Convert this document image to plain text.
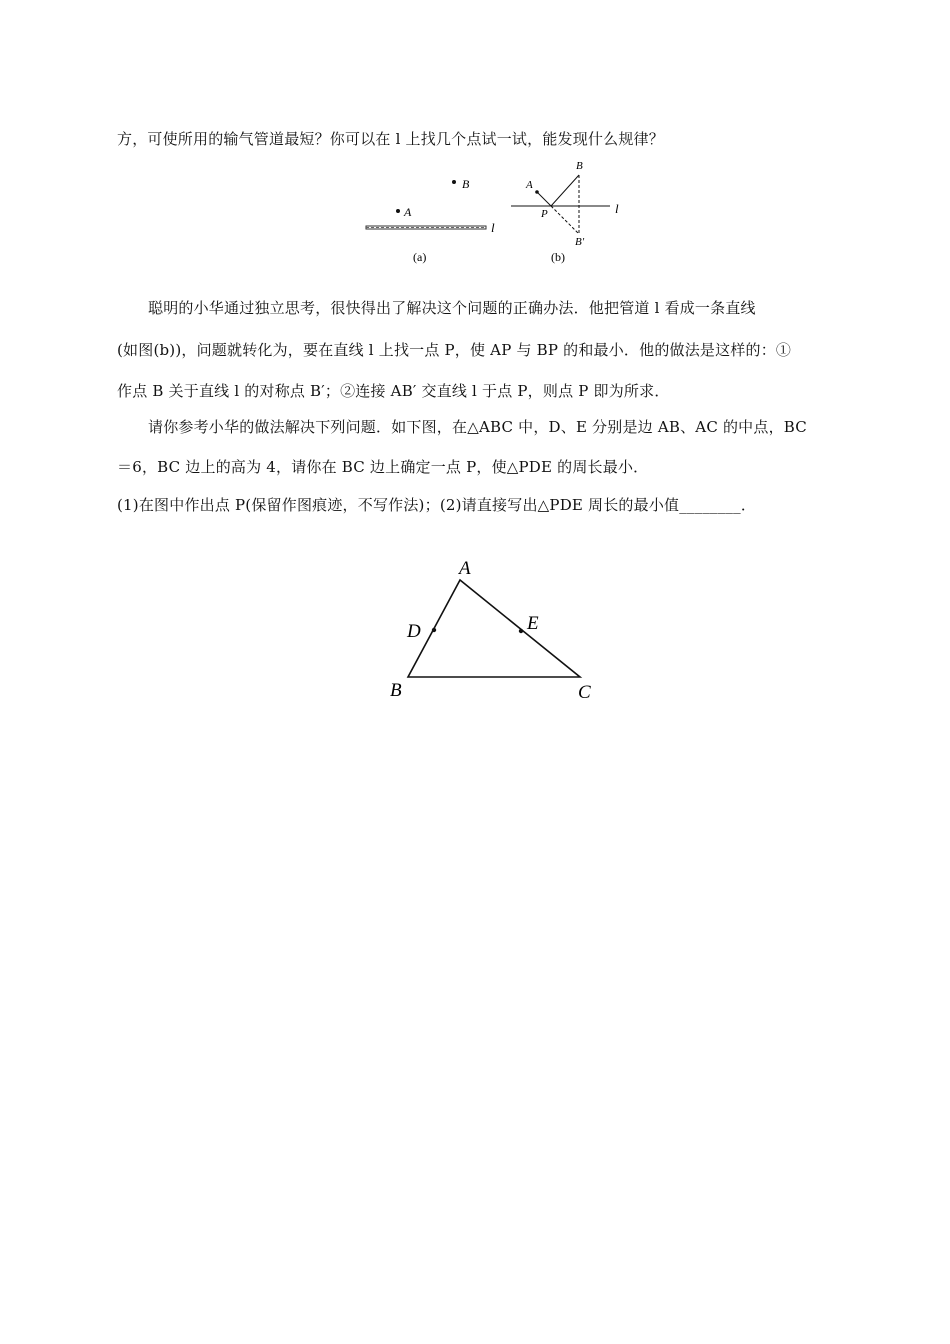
方，可使所用的输气管道最短？你可以在 l 上找几个点试一试，能发现什么规律？
A
B
l
(a)
l
A
B
P
B′
(b)
聪明的小华通过独立思考，很快得出了解决这个问题的正确办法．他把管道 l 看成一条直线
(如图(b))，问题就转化为，要在直线 l 上找一点 P，使 AP 与 BP 的和最小．他的做法是这样的：①
作点 B 关于直线 l 的对称点 B′；②连接 AB′ 交直线 l 于点 P，则点 P 即为所求．
请你参考小华的做法解决下列问题．如下图，在△ABC 中，D、E 分别是边 AB、AC 的中点，BC
＝6，BC 边上的高为 4，请你在 BC 边上确定一点 P，使△PDE 的周长最小．
(1)在图中作出点 P(保留作图痕迹，不写作法)；(2)请直接写出△PDE 周长的最小值________．
A
B	C
D	E
